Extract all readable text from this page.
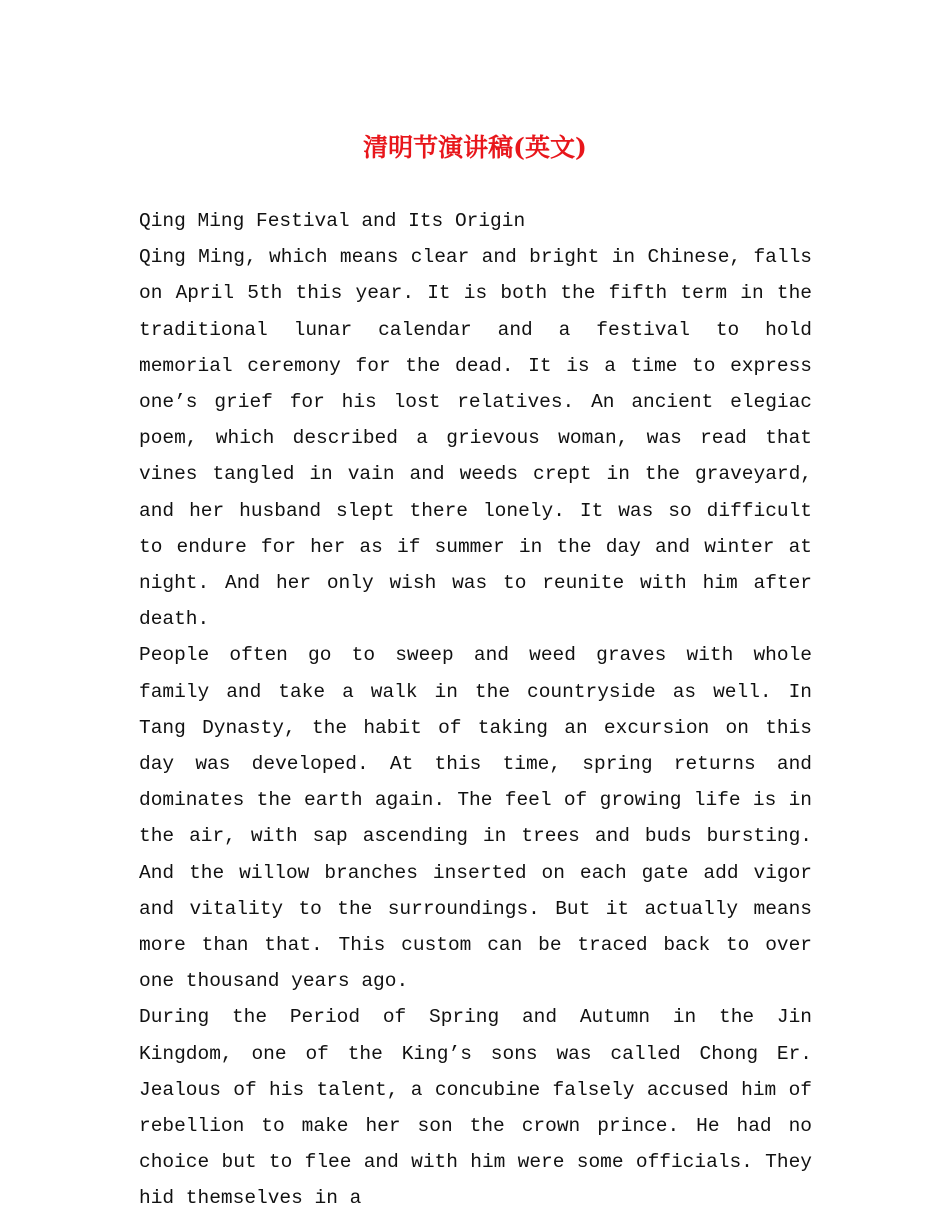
清明节演讲稿(英文)

Qing Ming Festival and Its Origin

Qing Ming, which means clear and bright in Chinese, falls on April 5th this year. It is both the fifth term in the traditional lunar calendar and a festival to hold memorial ceremony for the dead. It is a time to express one’s grief for his lost relatives. An ancient elegiac poem, which described a grievous woman, was read that vines tangled in vain and weeds crept in the graveyard, and her husband slept there lonely. It was so difficult to endure for her as if summer in the day and winter at night. And her only wish was to reunite with him after death.

People often go to sweep and weed graves with whole family and take a walk in the countryside as well. In Tang Dynasty, the habit of taking an excursion on this day was developed. At this time, spring returns and dominates the earth again. The feel of growing life is in the air, with sap ascending in trees and buds bursting. And the willow branches inserted on each gate add vigor and vitality to the surroundings. But it actually means more than that. This custom can be traced back to over one thousand years ago.

During the Period of Spring and Autumn in the Jin Kingdom, one of the King’s sons was called Chong Er. Jealous of his talent, a concubine falsely accused him of rebellion to make her son the crown prince. He had no choice but to flee and with him were some officials. They hid themselves in a
